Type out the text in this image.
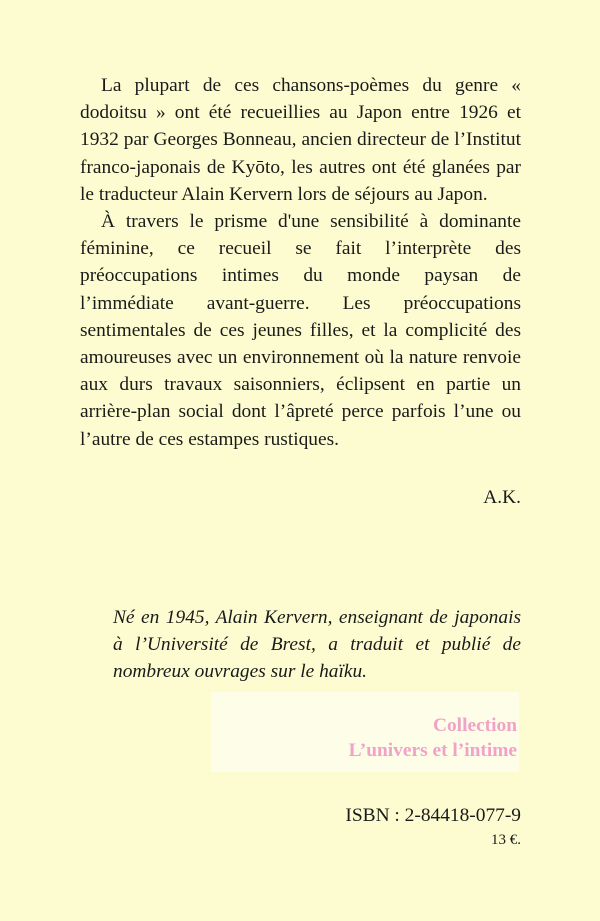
La plupart de ces chansons-poèmes du genre « dodoitsu » ont été recueillies au Japon entre 1926 et 1932 par Georges Bonneau, ancien directeur de l’Institut franco-japonais de Kyōto, les autres ont été glanées par le traducteur Alain Kervern lors de séjours au Japon.

À travers le prisme d'une sensibilité à dominante féminine, ce recueil se fait l’interprète des préoccupations intimes du monde paysan de l’immédiate avant-guerre. Les préoccupations sentimentales de ces jeunes filles, et la complicité des amoureuses avec un environnement où la nature renvoie aux durs travaux saisonniers, éclipsent en partie un arrière-plan social dont l’âpreté perce parfois l’une ou l’autre de ces estampes rustiques.

A.K.
Né en 1945, Alain Kervern, enseignant de japonais à l’Université de Brest, a traduit et publié de nombreux ouvrages sur le haïku.
Collection
L’univers et l’intime
ISBN : 2-84418-077-9
13 €.
